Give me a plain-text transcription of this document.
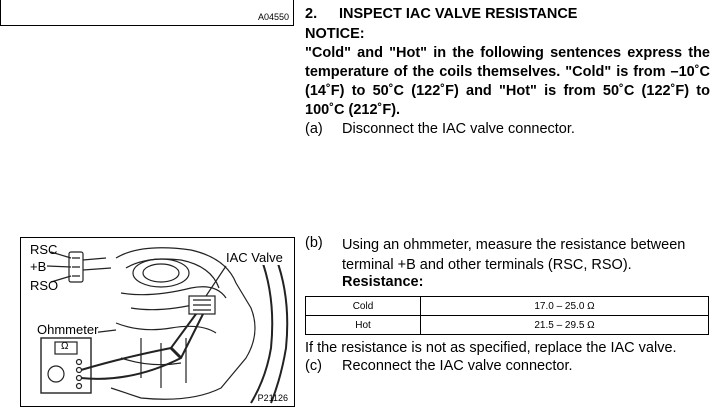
A04550 2. INSPECT IAC VALVE RESISTANCE
NOTICE:
"Cold" and "Hot" in the following sentences express the temperature of the coils themselves. "Cold" is from –10˚C (14˚F) to 50˚C (122˚F) and "Hot" is from 50˚C (122˚F) to 100˚C (212˚F).
(a) Disconnect the IAC valve connector.
(b) Using an ohmmeter, measure the resistance between terminal +B and other terminals (RSC, RSO).
Resistance:
Cold	17.0 – 25.0 Ω
Hot	21.5 – 29.5 Ω
If the resistance is not as specified, replace the IAC valve.
(c) Reconnect the IAC valve connector.
RSC
+B
RSO
IAC Valve
Ohmmeter
Ω
P21126
